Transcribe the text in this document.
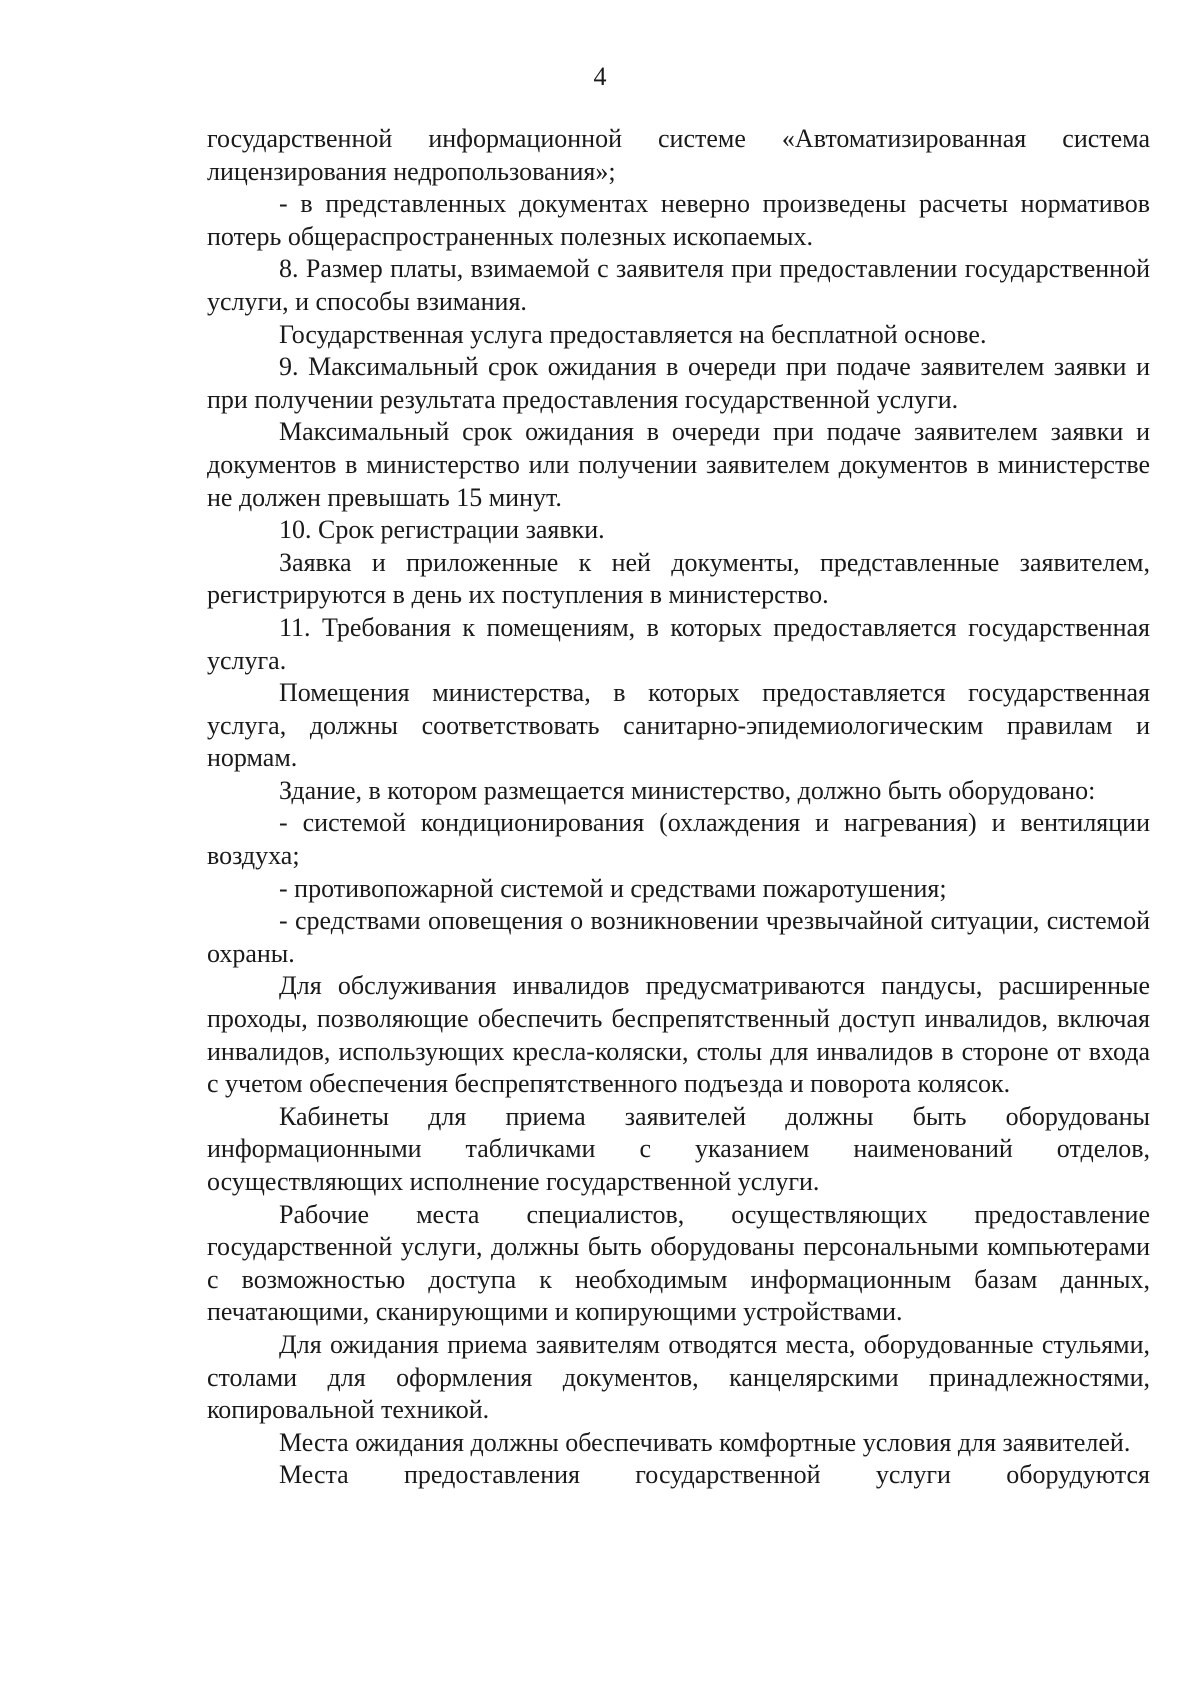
4

государственной информационной системе «Автоматизированная система лицензирования недропользования»;

- в представленных документах неверно произведены расчеты нормативов потерь общераспространенных полезных ископаемых.

8. Размер платы, взимаемой с заявителя при предоставлении государственной услуги, и способы взимания.

Государственная услуга предоставляется на бесплатной основе.

9. Максимальный срок ожидания в очереди при подаче заявителем заявки и при получении результата предоставления государственной услуги.

Максимальный срок ожидания в очереди при подаче заявителем заявки и документов в министерство или получении заявителем документов в министерстве не должен превышать 15 минут.

10. Срок регистрации заявки.

Заявка и приложенные к ней документы, представленные заявителем, регистрируются в день их поступления в министерство.

11. Требования к помещениям, в которых предоставляется государственная услуга.

Помещения министерства, в которых предоставляется государственная услуга, должны соответствовать санитарно-эпидемиологическим правилам и нормам.

Здание, в котором размещается министерство, должно быть оборудовано:

- системой кондиционирования (охлаждения и нагревания) и вентиляции воздуха;

- противопожарной системой и средствами пожаротушения;

- средствами оповещения о возникновении чрезвычайной ситуации, системой охраны.

Для обслуживания инвалидов предусматриваются пандусы, расширенные проходы, позволяющие обеспечить беспрепятственный доступ инвалидов, включая инвалидов, использующих кресла-коляски, столы для инвалидов в стороне от входа с учетом обеспечения беспрепятственного подъезда и поворота колясок.

Кабинеты для приема заявителей должны быть оборудованы информационными табличками с указанием наименований отделов, осуществляющих исполнение государственной услуги.

Рабочие места специалистов, осуществляющих предоставление государственной услуги, должны быть оборудованы персональными компьютерами с возможностью доступа к необходимым информационным базам данных, печатающими, сканирующими и копирующими устройствами.

Для ожидания приема заявителям отводятся места, оборудованные стульями, столами для оформления документов, канцелярскими принадлежностями, копировальной техникой.

Места ожидания должны обеспечивать комфортные условия для заявителей.

Места предоставления государственной услуги оборудуются
